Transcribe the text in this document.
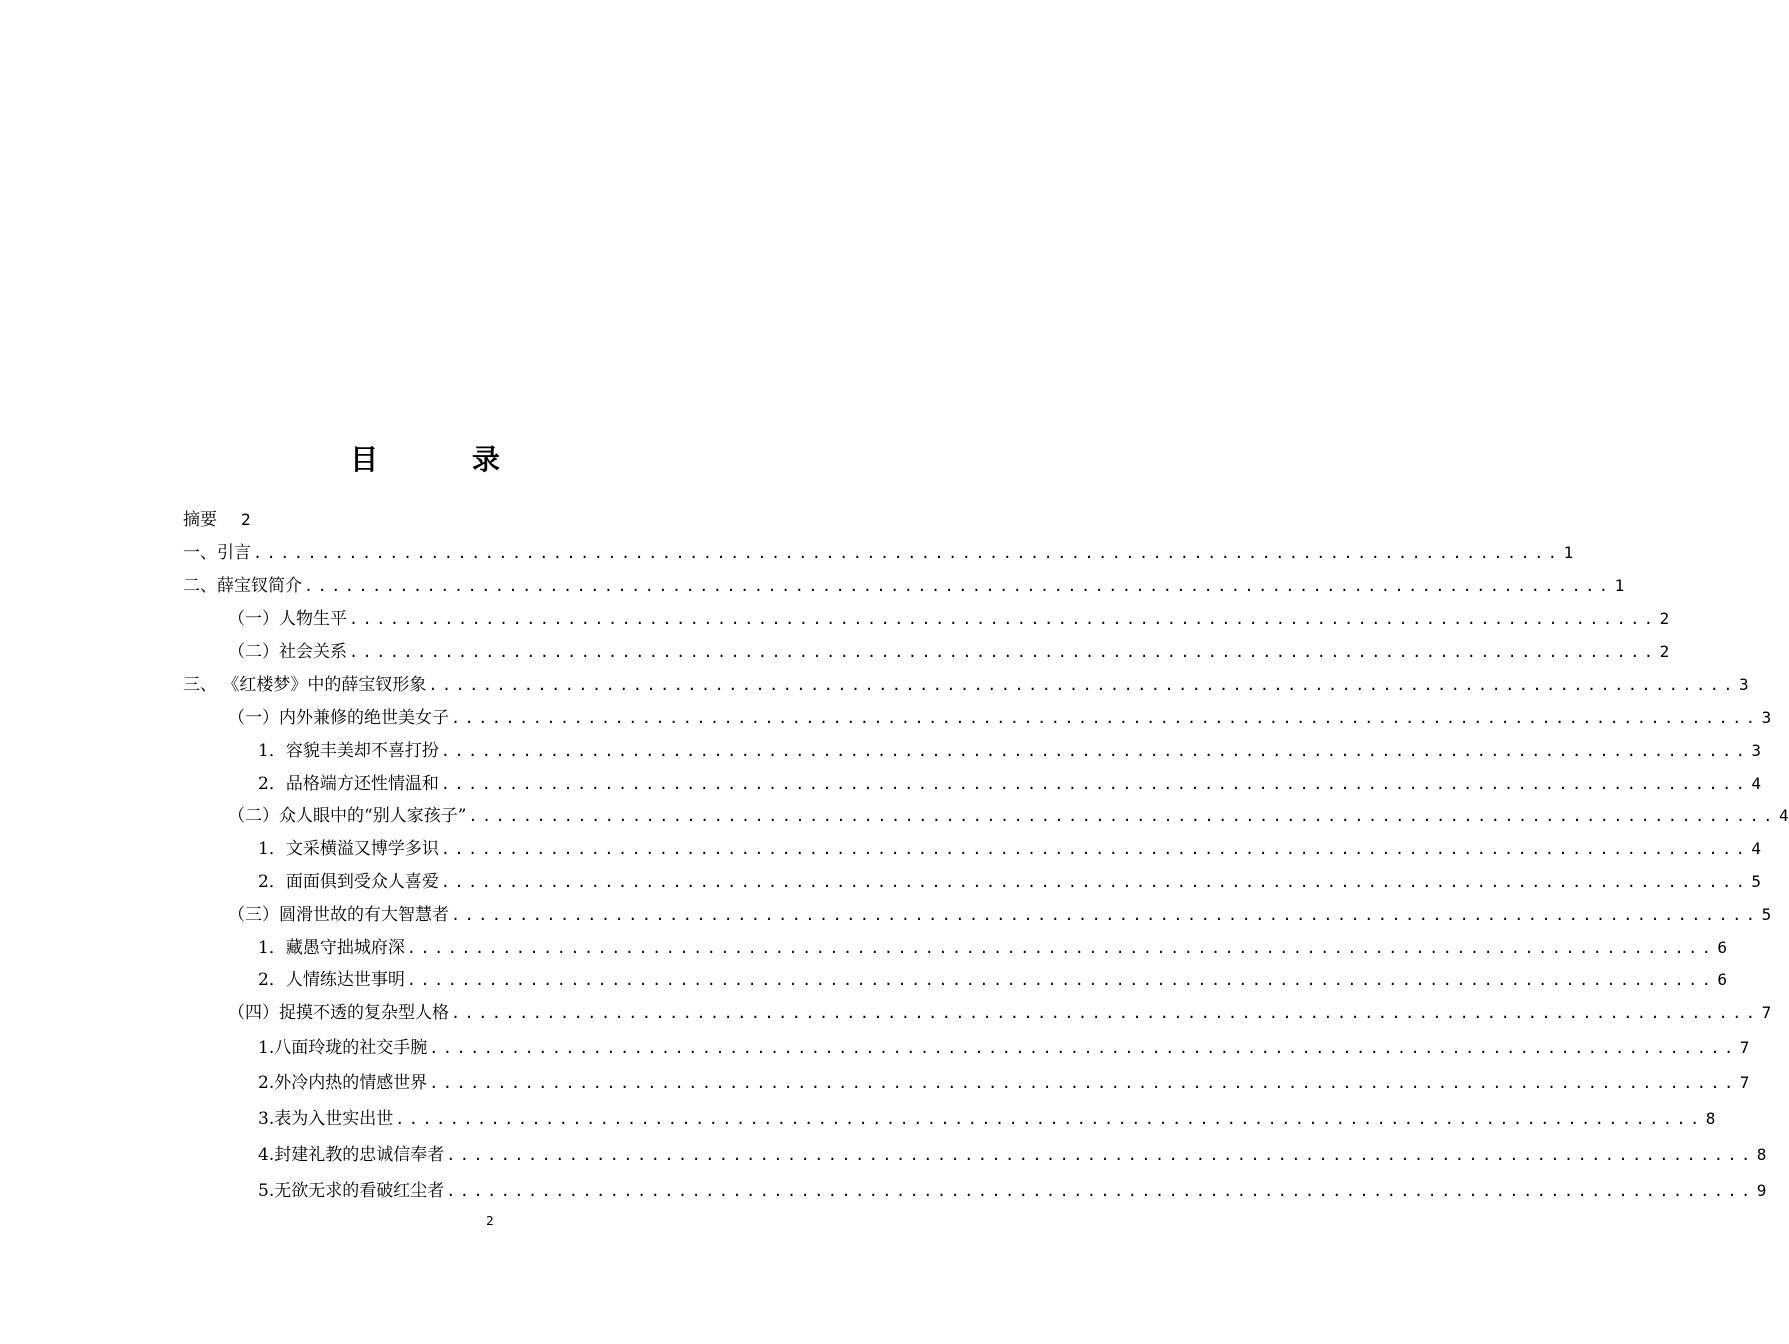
目 录
摘要 2
一、引言 ................................................................................................ 1
二、薛宝钗简介 ................................................................................................ 1
（一）人物生平 ................................................................................................ 2
（二）社会关系 ................................................................................................ 2
三、 《红楼梦》中的薛宝钗形象 ................................................................................................ 3
（一）内外兼修的绝世美女子 ................................................................................................ 3
1．容貌丰美却不喜打扮 ................................................................................................ 3
2．品格端方还性情温和 ................................................................................................ 4
（二）众人眼中的“别人家孩子” ................................................................................................ 4
1．文采横溢又博学多识 ................................................................................................ 4
2．面面俱到受众人喜爱 ................................................................................................ 5
（三）圆滑世故的有大智慧者 ................................................................................................ 5
1．藏愚守拙城府深 ................................................................................................ 6
2．人情练达世事明 ................................................................................................ 6
（四）捉摸不透的复杂型人格 ................................................................................................ 7
1.八面玲珑的社交手腕 ................................................................................................ 7
2.外冷内热的情感世界 ................................................................................................ 7
3.表为入世实出世 ................................................................................................ 8
4.封建礼教的忠诚信奉者 ................................................................................................ 8
5.无欲无求的看破红尘者 ................................................................................................ 9
2
